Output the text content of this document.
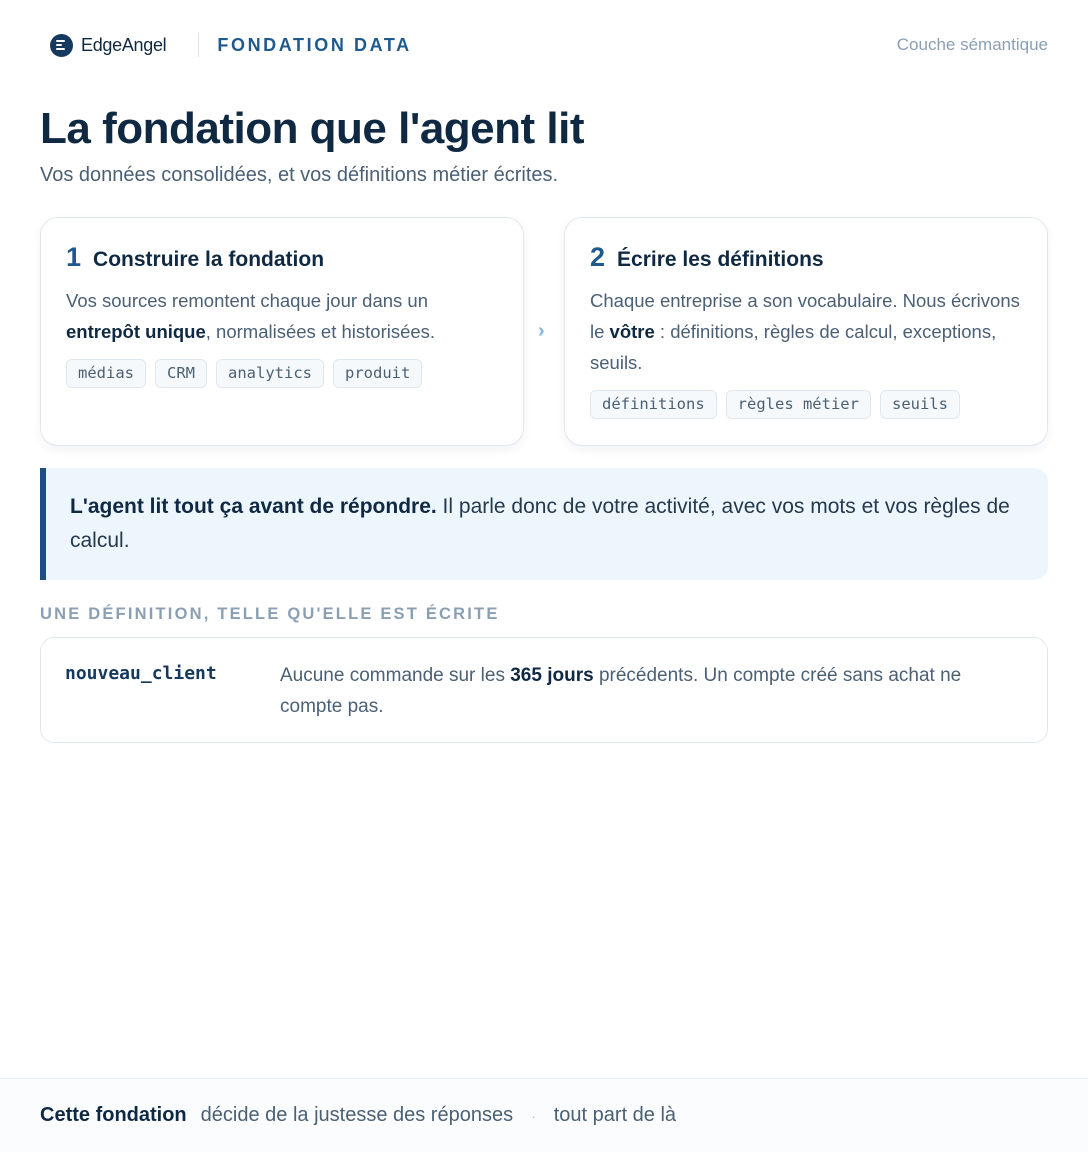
EdgeAngel	FONDATION DATA	Couche sémantique
La fondation que l'agent lit

Vos données consolidées, et vos définitions métier écrites.

1 Construire la fondation

Vos sources remontent chaque jour dans un entrepôt unique, normalisées et historisées.

médias	CRM	analytics	produit
›
2 Écrire les définitions

Chaque entreprise a son vocabulaire. Nous écrivons le vôtre : définitions, règles de calcul, exceptions, seuils.

définitions	règles métier	seuils
L'agent lit tout ça avant de répondre. Il parle donc de votre activité, avec vos mots et vos règles de calcul.
UNE DÉFINITION, TELLE QU'ELLE EST ÉCRITE
nouveau_client	Aucune commande sur les 365 jours précédents. Un compte créé sans achat ne compte pas.

Cette fondation décide de la justesse des réponses · tout part de là
